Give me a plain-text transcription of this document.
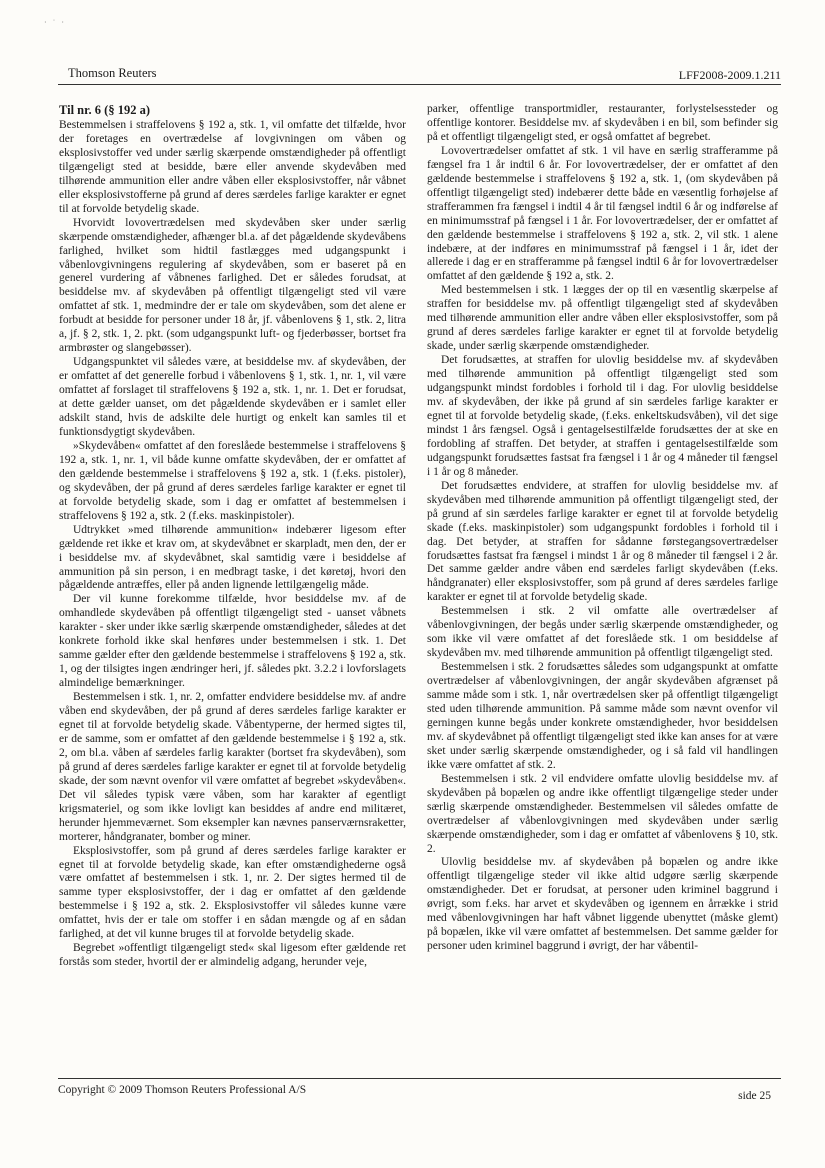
· ˙ ·
Thomson Reuters	LFF2008-2009.1.211
Til nr. 6 (§ 192 a)

Bestemmelsen i straffelovens § 192 a, stk. 1, vil omfatte det tilfælde, hvor der foretages en overtrædelse af lovgivningen om våben og eksplosivstoffer ved under særlig skærpende omstændigheder på offentligt tilgængeligt sted at besidde, bære eller anvende skydevåben med tilhørende ammunition eller andre våben eller eksplosivstoffer, når våbnet eller eksplosivstofferne på grund af deres særdeles farlige karakter er egnet til at forvolde betydelig skade.

Hvorvidt lovovertrædelsen med skydevåben sker under særlig skærpende omstændigheder, afhænger bl.a. af det pågældende skydevåbens farlighed, hvilket som hidtil fastlægges med udgangspunkt i våbenlovgivningens regulering af skydevåben, som er baseret på en generel vurdering af våbnenes farlighed. Det er således forudsat, at besiddelse mv. af skydevåben på offentligt tilgængeligt sted vil være omfattet af stk. 1, medmindre der er tale om skydevåben, som det alene er forbudt at besidde for personer under 18 år, jf. våbenlovens § 1, stk. 2, litra a, jf. § 2, stk. 1, 2. pkt. (som udgangspunkt luft- og fjederbøsser, bortset fra armbrøster og slangebøsser).

Udgangspunktet vil således være, at besiddelse mv. af skydevåben, der er omfattet af det generelle forbud i våbenlovens § 1, stk. 1, nr. 1, vil være omfattet af forslaget til straffelovens § 192 a, stk. 1, nr. 1. Det er forudsat, at dette gælder uanset, om det pågældende skydevåben er i samlet eller adskilt stand, hvis de adskilte dele hurtigt og enkelt kan samles til et funktionsdygtigt skydevåben.

»Skydevåben« omfattet af den foreslåede bestemmelse i straffelovens § 192 a, stk. 1, nr. 1, vil både kunne omfatte skydevåben, der er omfattet af den gældende bestemmelse i straffelovens § 192 a, stk. 1 (f.eks. pistoler), og skydevåben, der på grund af deres særdeles farlige karakter er egnet til at forvolde betydelig skade, som i dag er omfattet af bestemmelsen i straffelovens § 192 a, stk. 2 (f.eks. maskinpistoler).

Udtrykket »med tilhørende ammunition« indebærer ligesom efter gældende ret ikke et krav om, at skydevåbnet er skarpladt, men den, der er i besiddelse mv. af skydevåbnet, skal samtidig være i besiddelse af ammunition på sin person, i en medbragt taske, i det køretøj, hvori den pågældende antræffes, eller på anden lignende lettilgængelig måde.

Der vil kunne forekomme tilfælde, hvor besiddelse mv. af de omhandlede skydevåben på offentligt tilgængeligt sted - uanset våbnets karakter - sker under ikke særlig skærpende omstændigheder, således at det konkrete forhold ikke skal henføres under bestemmelsen i stk. 1. Det samme gælder efter den gældende bestemmelse i straffelovens § 192 a, stk. 1, og der tilsigtes ingen ændringer heri, jf. således pkt. 3.2.2 i lovforslagets almindelige bemærkninger.

Bestemmelsen i stk. 1, nr. 2, omfatter endvidere besiddelse mv. af andre våben end skydevåben, der på grund af deres særdeles farlige karakter er egnet til at forvolde betydelig skade. Våbentyperne, der hermed sigtes til, er de samme, som er omfattet af den gældende bestemmelse i § 192 a, stk. 2, om bl.a. våben af særdeles farlig karakter (bortset fra skydevåben), som på grund af deres særdeles farlige karakter er egnet til at forvolde betydelig skade, der som nævnt ovenfor vil være omfattet af begrebet »skydevåben«. Det vil således typisk være våben, som har karakter af egentligt krigsmateriel, og som ikke lovligt kan besiddes af andre end militæret, herunder hjemmeværnet. Som eksempler kan nævnes panserværnsraketter, morterer, håndgranater, bomber og miner.

Eksplosivstoffer, som på grund af deres særdeles farlige karakter er egnet til at forvolde betydelig skade, kan efter omstændighederne også være omfattet af bestemmelsen i stk. 1, nr. 2. Der sigtes hermed til de samme typer eksplosivstoffer, der i dag er omfattet af den gældende bestemmelse i § 192 a, stk. 2. Eksplosivstoffer vil således kunne være omfattet, hvis der er tale om stoffer i en sådan mængde og af en sådan farlighed, at det vil kunne bruges til at forvolde betydelig skade.

Begrebet »offentligt tilgængeligt sted« skal ligesom efter gældende ret forstås som steder, hvortil der er almindelig adgang, herunder veje,

parker, offentlige transportmidler, restauranter, forlystelsessteder og offentlige kontorer. Besiddelse mv. af skydevåben i en bil, som befinder sig på et offentligt tilgængeligt sted, er også omfattet af begrebet.

Lovovertrædelser omfattet af stk. 1 vil have en særlig strafferamme på fængsel fra 1 år indtil 6 år. For lovovertrædelser, der er omfattet af den gældende bestemmelse i straffelovens § 192 a, stk. 1, (om skydevåben på offentligt tilgængeligt sted) indebærer dette både en væsentlig forhøjelse af strafferammen fra fængsel i indtil 4 år til fængsel indtil 6 år og indførelse af en minimumsstraf på fængsel i 1 år. For lovovertrædelser, der er omfattet af den gældende bestemmelse i straffelovens § 192 a, stk. 2, vil stk. 1 alene indebære, at der indføres en minimumsstraf på fængsel i 1 år, idet der allerede i dag er en strafferamme på fængsel indtil 6 år for lovovertrædelser omfattet af den gældende § 192 a, stk. 2.

Med bestemmelsen i stk. 1 lægges der op til en væsentlig skærpelse af straffen for besiddelse mv. på offentligt tilgængeligt sted af skydevåben med tilhørende ammunition eller andre våben eller eksplosivstoffer, som på grund af deres særdeles farlige karakter er egnet til at forvolde betydelig skade, under særlig skærpende omstændigheder.

Det forudsættes, at straffen for ulovlig besiddelse mv. af skydevåben med tilhørende ammunition på offentligt tilgængeligt sted som udgangspunkt mindst fordobles i forhold til i dag. For ulovlig besiddelse mv. af skydevåben, der ikke på grund af sin særdeles farlige karakter er egnet til at forvolde betydelig skade, (f.eks. enkeltskudsvåben), vil det sige mindst 1 års fængsel. Også i gentagelsestilfælde forudsættes der at ske en fordobling af straffen. Det betyder, at straffen i gentagelsestilfælde som udgangspunkt forudsættes fastsat fra fængsel i 1 år og 4 måneder til fængsel i 1 år og 8 måneder.

Det forudsættes endvidere, at straffen for ulovlig besiddelse mv. af skydevåben med tilhørende ammunition på offentligt tilgængeligt sted, der på grund af sin særdeles farlige karakter er egnet til at forvolde betydelig skade (f.eks. maskinpistoler) som udgangspunkt fordobles i forhold til i dag. Det betyder, at straffen for sådanne førstegangsovertrædelser forudsættes fastsat fra fængsel i mindst 1 år og 8 måneder til fængsel i 2 år. Det samme gælder andre våben end særdeles farligt skydevåben (f.eks. håndgranater) eller eksplosivstoffer, som på grund af deres særdeles farlige karakter er egnet til at forvolde betydelig skade.

Bestemmelsen i stk. 2 vil omfatte alle overtrædelser af våbenlovgivningen, der begås under særlig skærpende omstændigheder, og som ikke vil være omfattet af det foreslåede stk. 1 om besiddelse af skydevåben mv. med tilhørende ammunition på offentligt tilgængeligt sted.

Bestemmelsen i stk. 2 forudsættes således som udgangspunkt at omfatte overtrædelser af våbenlovgivningen, der angår skydevåben afgrænset på samme måde som i stk. 1, når overtrædelsen sker på offentligt tilgængeligt sted uden tilhørende ammunition. På samme måde som nævnt ovenfor vil gerningen kunne begås under konkrete omstændigheder, hvor besiddelsen mv. af skydevåbnet på offentligt tilgængeligt sted ikke kan anses for at være sket under særlig skærpende omstændigheder, og i så fald vil handlingen ikke være omfattet af stk. 2.

Bestemmelsen i stk. 2 vil endvidere omfatte ulovlig besiddelse mv. af skydevåben på bopælen og andre ikke offentligt tilgængelige steder under særlig skærpende omstændigheder. Bestemmelsen vil således omfatte de overtrædelser af våbenlovgivningen med skydevåben under særlig skærpende omstændigheder, som i dag er omfattet af våbenlovens § 10, stk. 2.

Ulovlig besiddelse mv. af skydevåben på bopælen og andre ikke offentligt tilgængelige steder vil ikke altid udgøre særlig skærpende omstændigheder. Det er forudsat, at personer uden kriminel baggrund i øvrigt, som f.eks. har arvet et skydevåben og igennem en årrække i strid med våbenlovgivningen har haft våbnet liggende ubenyttet (måske glemt) på bopælen, ikke vil være omfattet af bestemmelsen. Det samme gælder for personer uden kriminel baggrund i øvrigt, der har våbentil-

Copyright © 2009 Thomson Reuters Professional A/S	side 25
